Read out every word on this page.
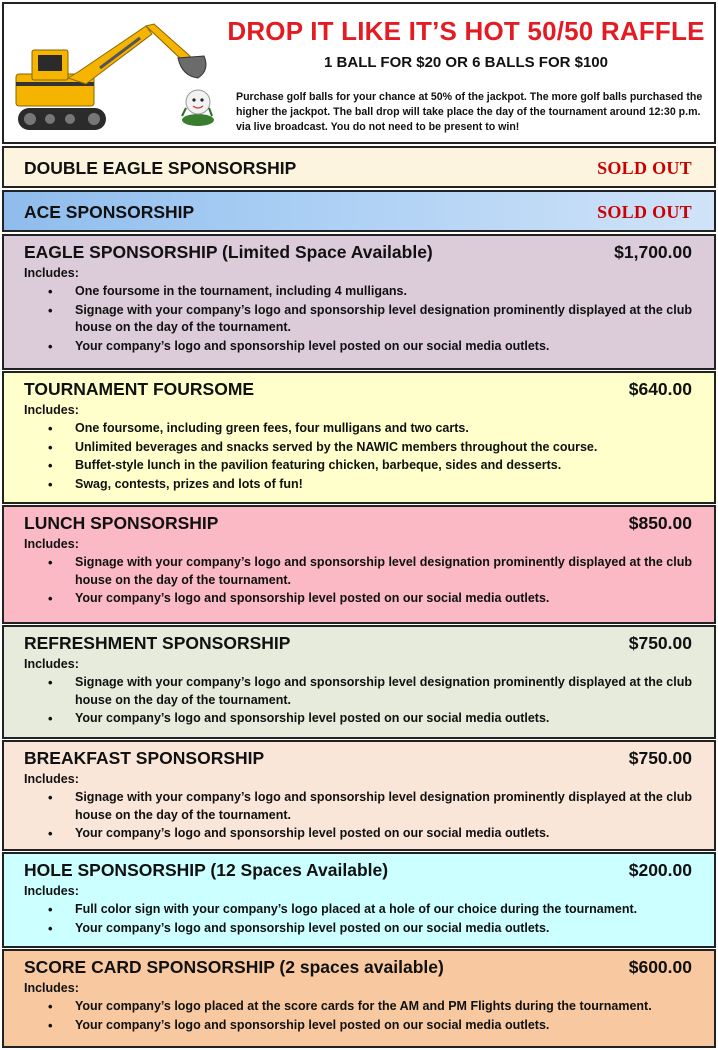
DROP IT LIKE IT’S HOT 50/50 RAFFLE
1 BALL FOR $20 OR 6 BALLS FOR $100
Purchase golf balls for your chance at 50% of the jackpot. The more golf balls purchased the higher the jackpot. The ball drop will take place the day of the tournament around 12:30 p.m. via live broadcast. You do not need to be present to win!
DOUBLE EAGLE SPONSORSHIP	SOLD OUT
ACE SPONSORSHIP	SOLD OUT
EAGLE SPONSORSHIP (Limited Space Available)	$1,700.00
Includes:
• One foursome in the tournament, including 4 mulligans.
• Signage with your company’s logo and sponsorship level designation prominently displayed at the club house on the day of the tournament.
• Your company’s logo and sponsorship level posted on our social media outlets.
TOURNAMENT FOURSOME	$640.00
Includes:
• One foursome, including green fees, four mulligans and two carts.
• Unlimited beverages and snacks served by the NAWIC members throughout the course.
• Buffet-style lunch in the pavilion featuring chicken, barbeque, sides and desserts.
• Swag, contests, prizes and lots of fun!
LUNCH SPONSORSHIP	$850.00
Includes:
• Signage with your company’s logo and sponsorship level designation prominently displayed at the club house on the day of the tournament.
• Your company’s logo and sponsorship level posted on our social media outlets.
REFRESHMENT SPONSORSHIP	$750.00
Includes:
• Signage with your company’s logo and sponsorship level designation prominently displayed at the club house on the day of the tournament.
• Your company’s logo and sponsorship level posted on our social media outlets.
BREAKFAST SPONSORSHIP	$750.00
Includes:
• Signage with your company’s logo and sponsorship level designation prominently displayed at the club house on the day of the tournament.
• Your company’s logo and sponsorship level posted on our social media outlets.
HOLE SPONSORSHIP (12 Spaces Available)	$200.00
Includes:
• Full color sign with your company’s logo placed at a hole of our choice during the tournament.
• Your company’s logo and sponsorship level posted on our social media outlets.
SCORE CARD SPONSORSHIP (2 spaces available)	$600.00
Includes:
• Your company’s logo placed at the score cards for the AM and PM Flights during the tournament.
• Your company’s logo and sponsorship level posted on our social media outlets.
